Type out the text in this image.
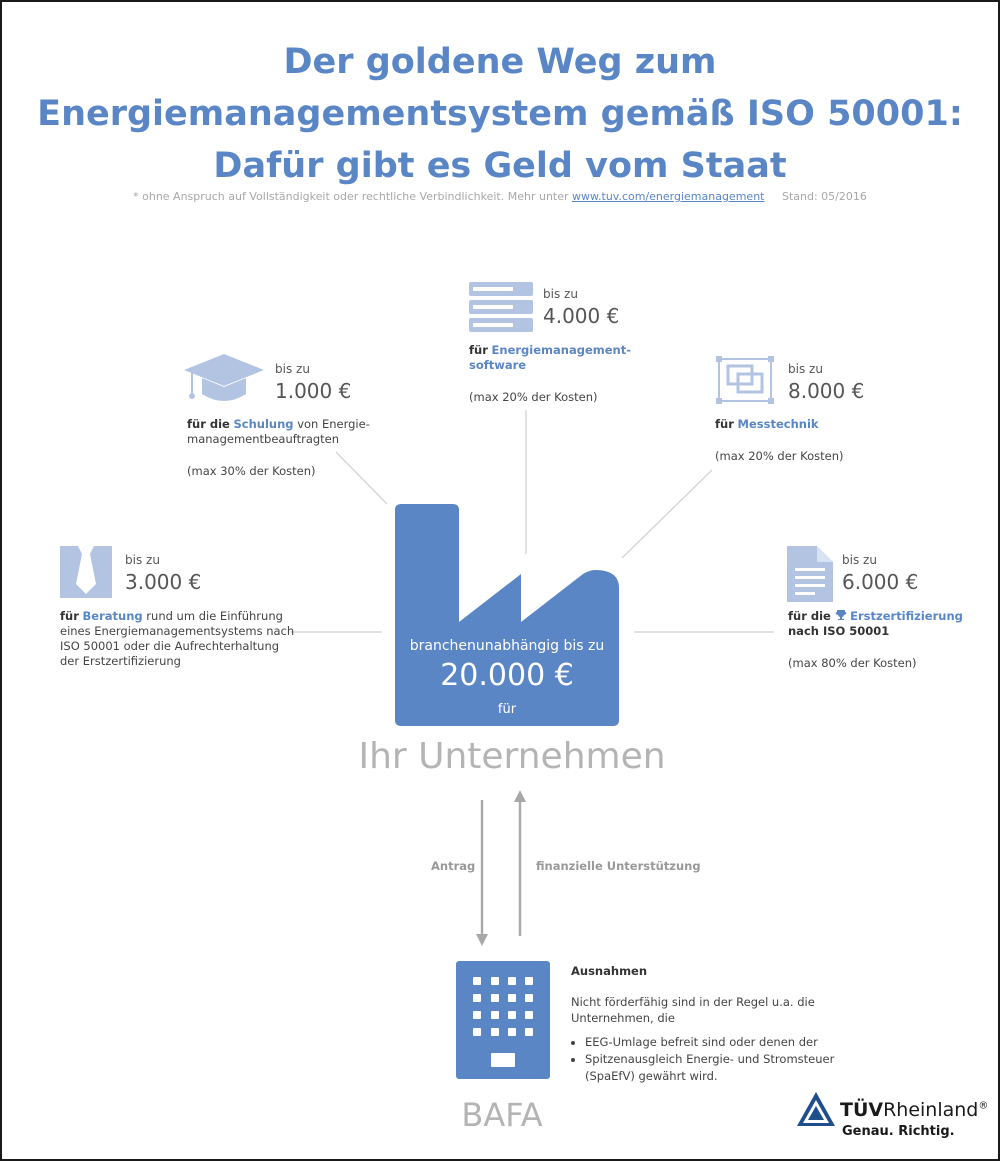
Der goldene Weg zum
Energiemanagementsystem gemäß ISO 50001:
Dafür gibt es Geld vom Staat
* ohne Anspruch auf Vollständigkeit oder rechtliche Verbindlichkeit. Mehr unter www.tuv.com/energiemanagement Stand: 05/2016
branchenunabhängig bis zu
20.000 €
für
Ihr Unternehmen
bis zu
4.000 €
für Energiemanagement-
software
(max 20% der Kosten)
bis zu
1.000 €
für die Schulung von Energie-
managementbeauftragten
(max 30% der Kosten)
bis zu
8.000 €
für Messtechnik
(max 20% der Kosten)
bis zu
3.000 €
für Beratung rund um die Einführung
eines Energiemanagementsystems nach
ISO 50001 oder die Aufrechterhaltung
der Erstzertifizierung
bis zu
6.000 €
für die Erstzertifizierung
nach ISO 50001
(max 80% der Kosten)
Antrag	finanzielle Unterstützung
BAFA
Ausnahmen
Nicht förderfähig sind in der Regel u.a. die
Unternehmen, die
• EEG-Umlage befreit sind oder denen der
• Spitzenausgleich Energie- und Stromsteuer
(SpaEfV) gewährt wird.
TÜVRheinland®
Genau. Richtig.
